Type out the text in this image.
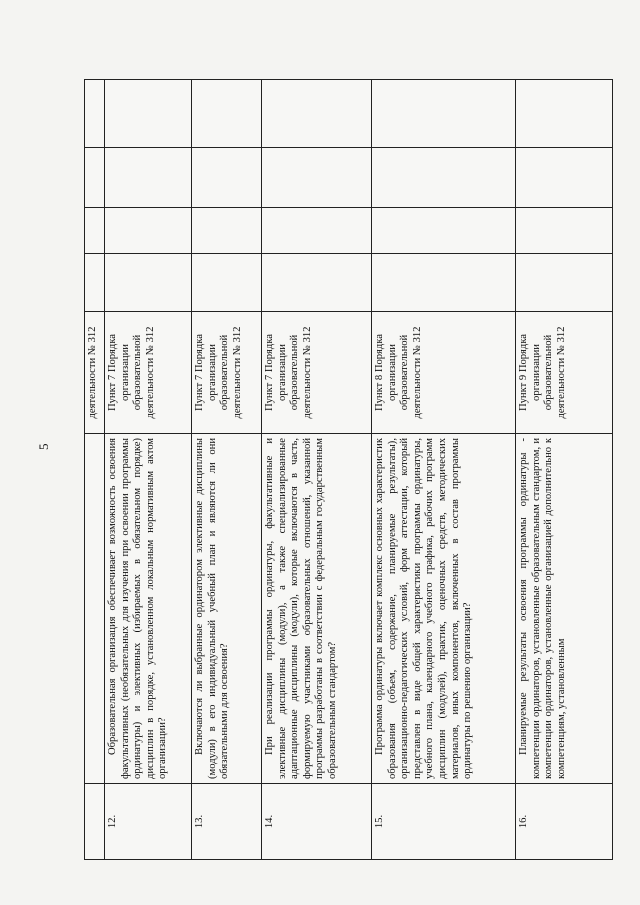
5
		деятельности № 312				
12.	Образовательная организация обеспечивает возможность освоения факультативных (необязательных для изучения при освоении программы ординатуры) и элективных (избираемых в обязательном порядке) дисциплин в порядке, установленном локальным нормативным актом организации?	Пункт 7 Порядка организации образовательной деятельности № 312				
13.	Включаются ли выбранные ординатором элективные дисциплины (модули) в его индивидуальный учебный план и являются ли они обязательными для освоения?	Пункт 7 Порядка организации образовательной деятельности № 312				
14.	При реализации программы ординатуры, факультативные и элективные дисциплины (модули), а также специализированные адаптационные дисциплины (модули), которые включаются в часть, формируемую участниками образовательных отношений, указанной программы разработаны в соответствии с федеральным государственным образовательным стандартом?	Пункт 7 Порядка организации образовательной деятельности № 312				
15.	Программа ординатуры включает комплекс основных характеристик образования (объем, содержание, планируемые результаты), организационно-педагогических условий, форм аттестации, который представлен в виде общей характеристики программы ординатуры, учебного плана, календарного учебного графика, рабочих программ дисциплин (модулей), практик, оценочных средств, методических материалов, иных компонентов, включенных в состав программы ординатуры по решению организации?	Пункт 8 Порядка организации образовательной деятельности № 312				
16.	Планируемые результаты освоения программы ординатуры - компетенции ординаторов, установленные образовательным стандартом, и компетенции ординаторов, установленные организацией дополнительно к компетенциям, установленным	Пункт 9 Порядка организации образовательной деятельности № 312				
